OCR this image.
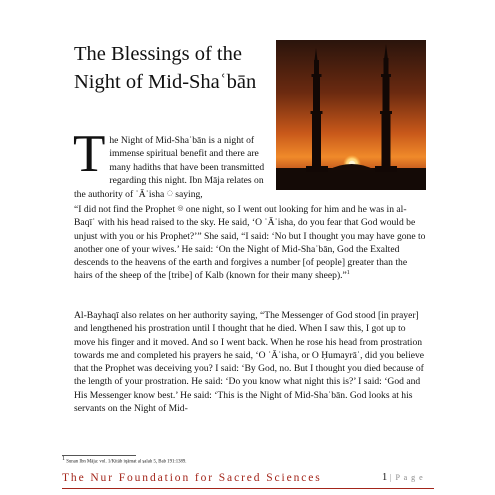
The Blessings of the
Night of Mid-Shaʿbān
The Night of Mid-Shaʿbān is a night of immense spiritual benefit and there are many hadiths that have been transmitted regarding this night. Ibn Māja relates on the authority of ʿĀʾisha ◌ saying,
“I did not find the Prophet ◎ one night, so I went out looking for him and he was in al-Baqīʿ with his head raised to the sky. He said, ‘O ʿĀʾisha, do you fear that God would be unjust with you or his Prophet?’” She said, “I said: ‘No but I thought you may have gone to another one of your wives.’ He said: ‘On the Night of Mid-Shaʿbān, God the Exalted descends to the heavens of the earth and forgives a number [of people] greater than the hairs of the sheep of the [tribe] of Kalb (known for their many sheep).”$^1$
Al-Bayhaqī also relates on her authority saying, “The Messenger of God stood [in prayer] and lengthened his prostration until I thought that he died. When I saw this, I got up to move his finger and it moved. And so I went back. When he rose his head from prostration towards me and completed his prayers he said, ‘O ʿĀʾisha, or O Ḥumayrāʾ, did you believe that the Prophet was deceiving you? I said: ‘By God, no. But I thought you died because of the length of your prostration. He said: ‘Do you know what night this is?’ I said: ‘God and His Messenger know best.’ He said: ‘This is the Night of Mid-Shaʿbān. God looks at his servants on the Night of Mid-
$^1$ Sunan Ibn Māja: vol. 1/Kitāb iqāmat al ṣalah 5, Bab 191:1389.
The Nur Foundation for Sacred Sciences	1 | P a g e
